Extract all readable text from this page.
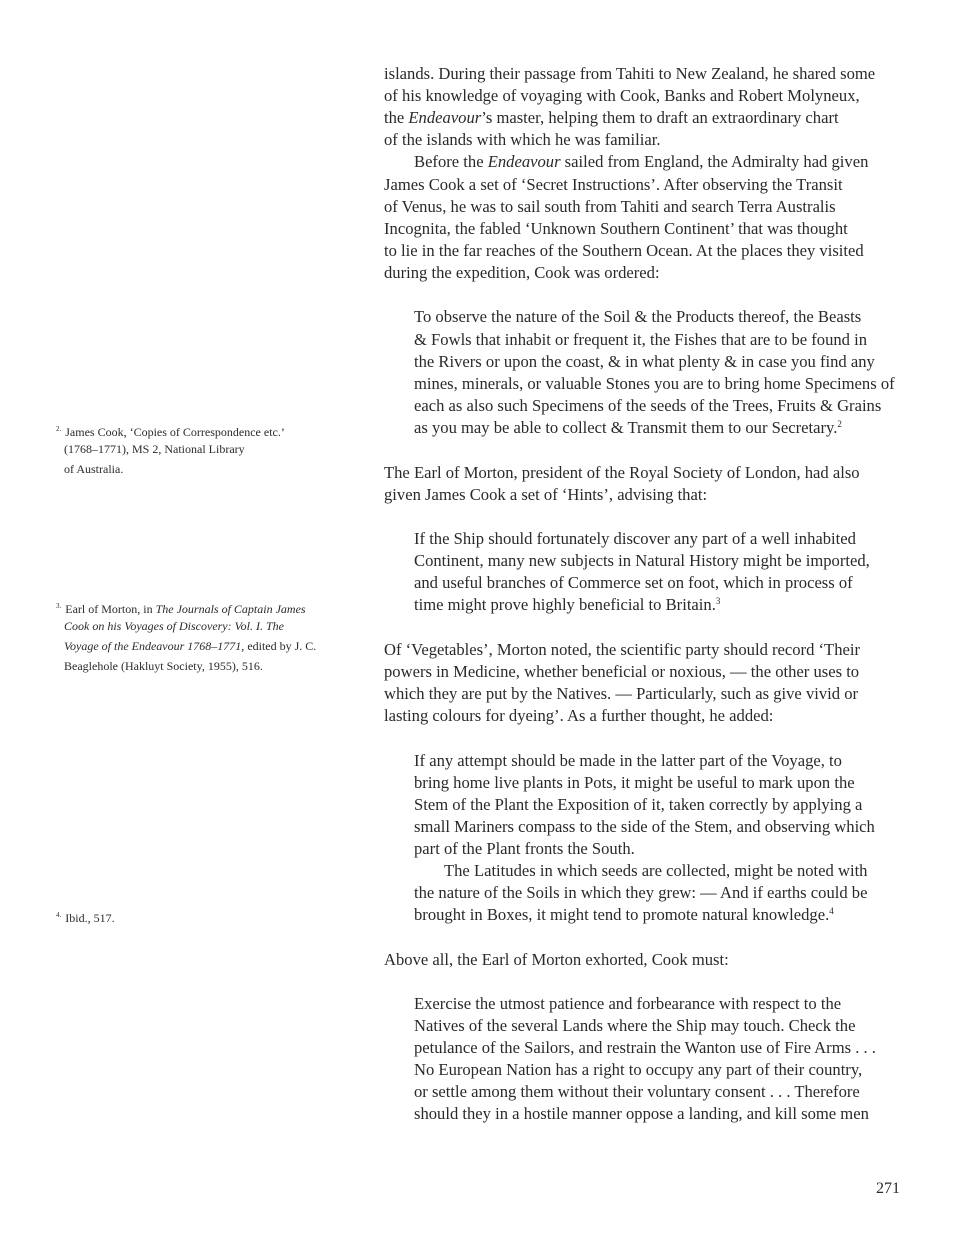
islands. During their passage from Tahiti to New Zealand, he shared some
of his knowledge of voyaging with Cook, Banks and Robert Molyneux,
the Endeavour’s master, helping them to draft an extraordinary chart
of the islands with which he was familiar.
Before the Endeavour sailed from England, the Admiralty had given
James Cook a set of ‘Secret Instructions’. After observing the Transit
of Venus, he was to sail south from Tahiti and search Terra Australis
Incognita, the fabled ‘Unknown Southern Continent’ that was thought
to lie in the far reaches of the Southern Ocean. At the places they visited
during the expedition, Cook was ordered:
To observe the nature of the Soil & the Products thereof, the Beasts
& Fowls that inhabit or frequent it, the Fishes that are to be found in
the Rivers or upon the coast, & in what plenty & in case you find any
mines, minerals, or valuable Stones you are to bring home Specimens of
each as also such Specimens of the seeds of the Trees, Fruits & Grains
as you may be able to collect & Transmit them to our Secretary.$^2$
The Earl of Morton, president of the Royal Society of London, had also
given James Cook a set of ‘Hints’, advising that:
If the Ship should fortunately discover any part of a well inhabited
Continent, many new subjects in Natural History might be imported,
and useful branches of Commerce set on foot, which in process of
time might prove highly beneficial to Britain.$^3$
Of ‘Vegetables’, Morton noted, the scientific party should record ‘Their
powers in Medicine, whether beneficial or noxious, — the other uses to
which they are put by the Natives. — Particularly, such as give vivid or
lasting colours for dyeing’. As a further thought, he added:
If any attempt should be made in the latter part of the Voyage, to
bring home live plants in Pots, it might be useful to mark upon the
Stem of the Plant the Exposition of it, taken correctly by applying a
small Mariners compass to the side of the Stem, and observing which
part of the Plant fronts the South.
The Latitudes in which seeds are collected, might be noted with
the nature of the Soils in which they grew: — And if earths could be
brought in Boxes, it might tend to promote natural knowledge.$^4$
Above all, the Earl of Morton exhorted, Cook must:
Exercise the utmost patience and forbearance with respect to the
Natives of the several Lands where the Ship may touch. Check the
petulance of the Sailors, and restrain the Wanton use of Fire Arms . . .
No European Nation has a right to occupy any part of their country,
or settle among them without their voluntary consent . . . Therefore
should they in a hostile manner oppose a landing, and kill some men
$^{2.}$ James Cook, ‘Copies of Correspondence etc.’
(1768–1771), MS 2, National Library
of Australia.
$^{3.}$ Earl of Morton, in The Journals of Captain James
Cook on his Voyages of Discovery: Vol. I. The
Voyage of the Endeavour 1768–1771, edited by J. C.
Beaglehole (Hakluyt Society, 1955), 516.
$^{4.}$ Ibid., 517.
271
